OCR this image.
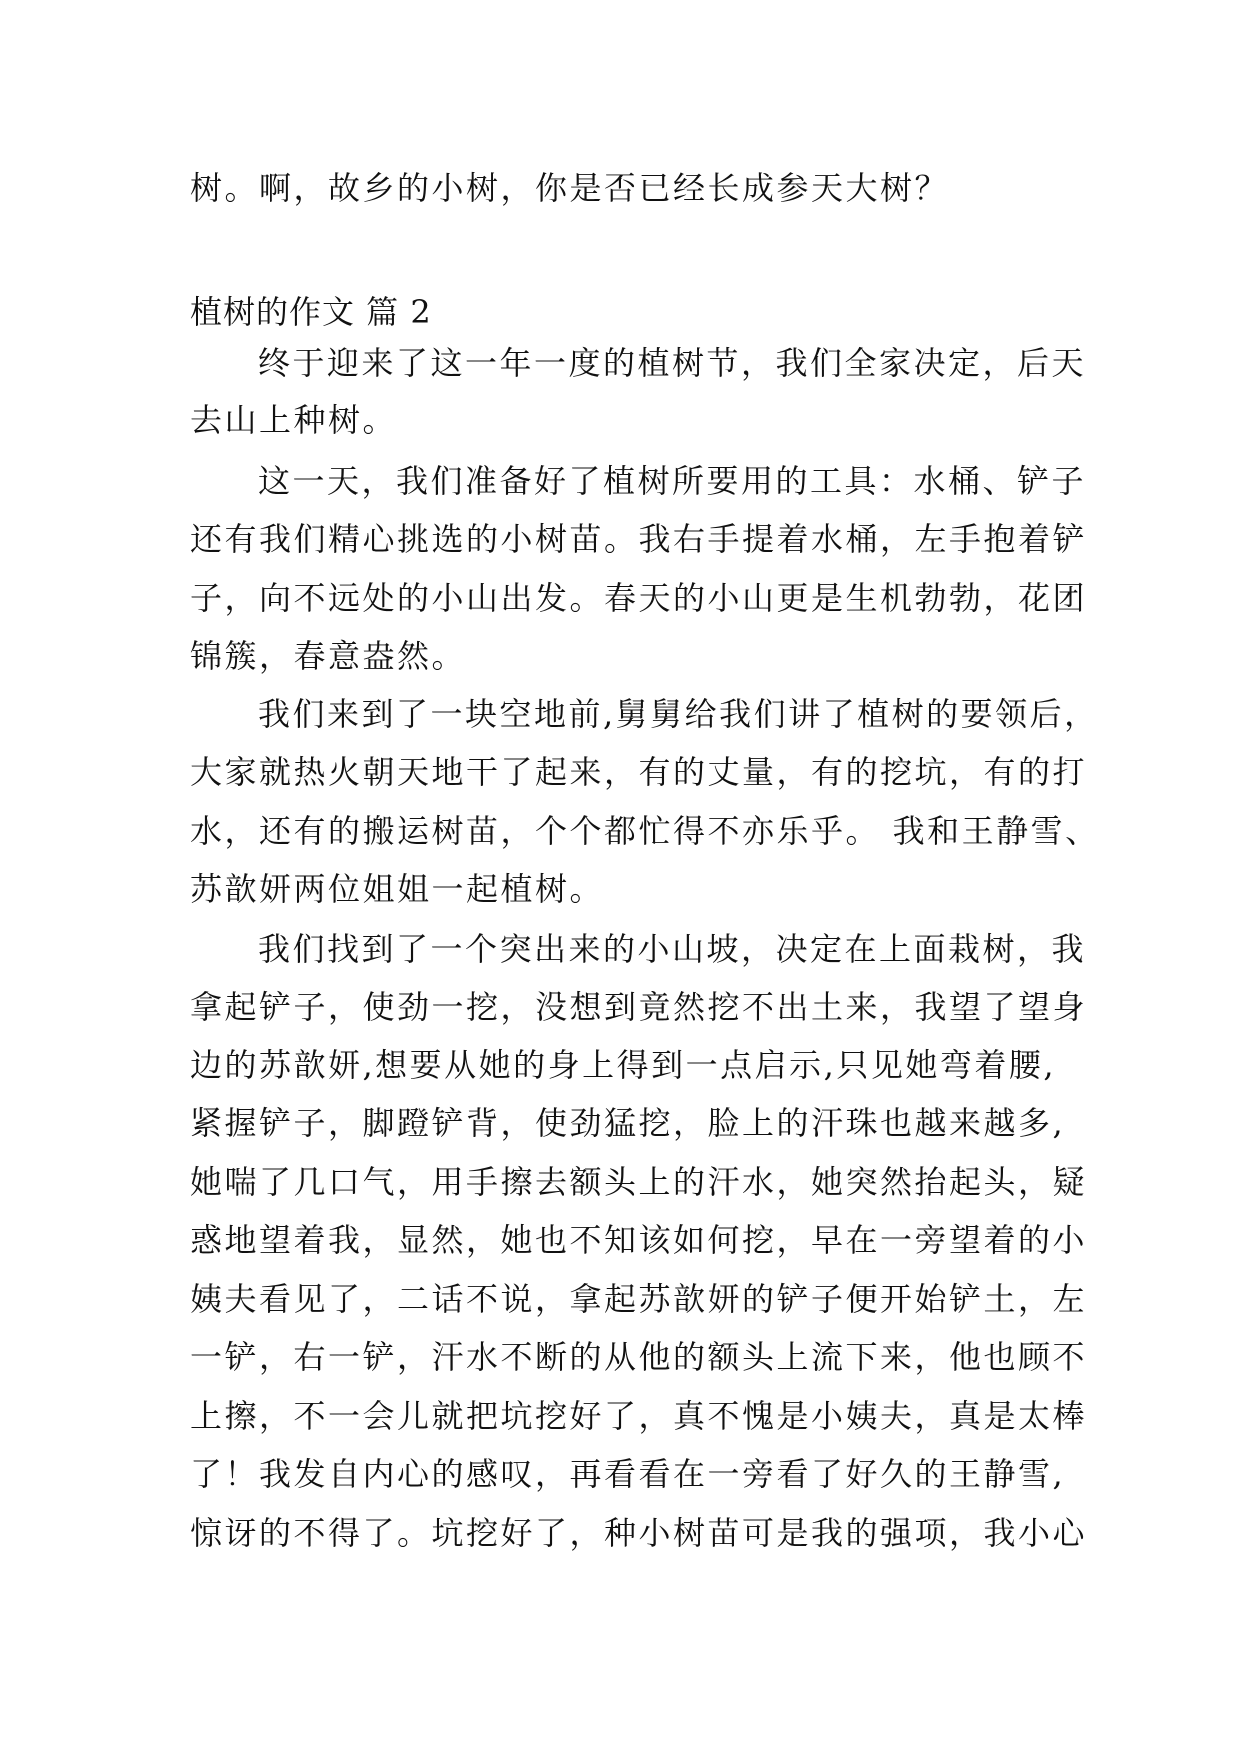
树。啊，故乡的小树，你是否已经长成参天大树？
植树的作文 篇 2
终于迎来了这一年一度的植树节，我们全家决定，后天
去山上种树。
这一天，我们准备好了植树所要用的工具：水桶、铲子
还有我们精心挑选的小树苗。我右手提着水桶，左手抱着铲
子，向不远处的小山出发。春天的小山更是生机勃勃，花团
锦簇，春意盎然。
我们来到了一块空地前,舅舅给我们讲了植树的要领后，
大家就热火朝天地干了起来，有的丈量，有的挖坑，有的打
水，还有的搬运树苗，个个都忙得不亦乐乎。 我和王静雪、
苏歆妍两位姐姐一起植树。
我们找到了一个突出来的小山坡，决定在上面栽树，我
拿起铲子，使劲一挖，没想到竟然挖不出土来，我望了望身
边的苏歆妍,想要从她的身上得到一点启示,只见她弯着腰,
紧握铲子，脚蹬铲背，使劲猛挖，脸上的汗珠也越来越多,
她喘了几口气，用手擦去额头上的汗水，她突然抬起头，疑
惑地望着我，显然，她也不知该如何挖，早在一旁望着的小
姨夫看见了，二话不说，拿起苏歆妍的铲子便开始铲土，左
一铲，右一铲，汗水不断的从他的额头上流下来，他也顾不
上擦，不一会儿就把坑挖好了，真不愧是小姨夫，真是太棒
了！我发自内心的感叹，再看看在一旁看了好久的王静雪,
惊讶的不得了。坑挖好了，种小树苗可是我的强项，我小心
